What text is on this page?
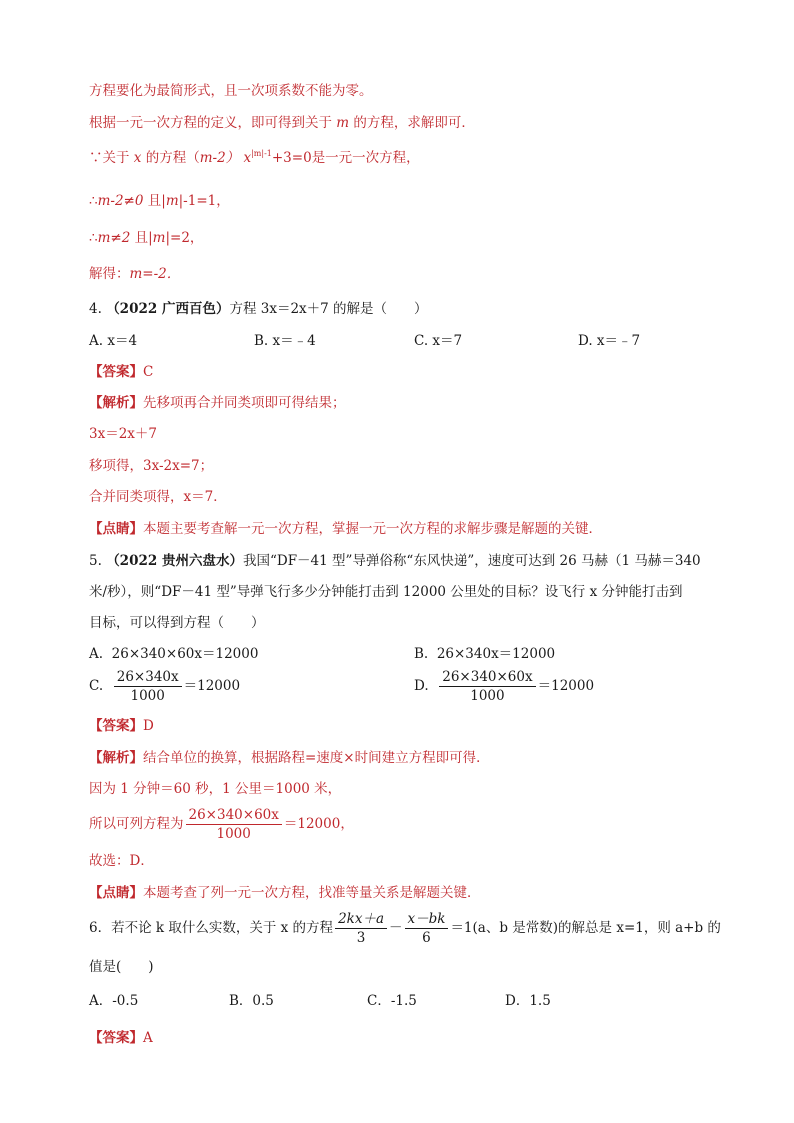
方程要化为最简形式，且一次项系数不能为零。
根据一元一次方程的定义，即可得到关于 m 的方程，求解即可．
∵关于 x 的方程（m-2） $x^{|m|-1}+3=0$是一元一次方程，
∴m-2≠0 且|m|-1=1，
∴m≠2 且|m|=2，
解得：m=-2．
4. （2022 广西百色）方程 3x＝2x＋7 的解是（　　）
A. x＝4	B. x＝﹣4	C. x＝7	D. x＝﹣7
【答案】C
【解析】先移项再合并同类项即可得结果；
3x＝2x＋7
移项得，3x-2x=7；
合并同类项得，x＝7．
【点睛】本题主要考查解一元一次方程，掌握一元一次方程的求解步骤是解题的关键．
5. （2022 贵州六盘水）我国“DF－41 型”导弹俗称“东风快递”，速度可达到 26 马赫（1 马赫＝340
米/秒），则“DF－41 型”导弹飞行多少分钟能打击到 12000 公里处的目标？设飞行 x 分钟能打击到
目标，可以得到方程（　　）
A. 26×340×60x＝12000	B. 26×340x＝12000
C. $\frac{26\times 340x}{1000} =12000$	D. $\frac{26\times 340\times 60x}{1000} =12000$
【答案】D
【解析】结合单位的换算，根据路程=速度×时间建立方程即可得．
因为 1 分钟＝60 秒，1 公里＝1000 米，
所以可列方程为 $\frac{26\times 340\times 60x}{1000} =12000$，
故选：D．
【点睛】本题考查了列一元一次方程，找准等量关系是解题关键．
6．若不论 k 取什么实数，关于 x 的方程 $\frac{2kx+a}{3} - \frac{x-bk}{6} =1(a$、b 是常数)的解总是 x=1，则 a+b 的
值是(　　)
A．-0.5	B．0.5	C．-1.5	D．1.5
【答案】A
